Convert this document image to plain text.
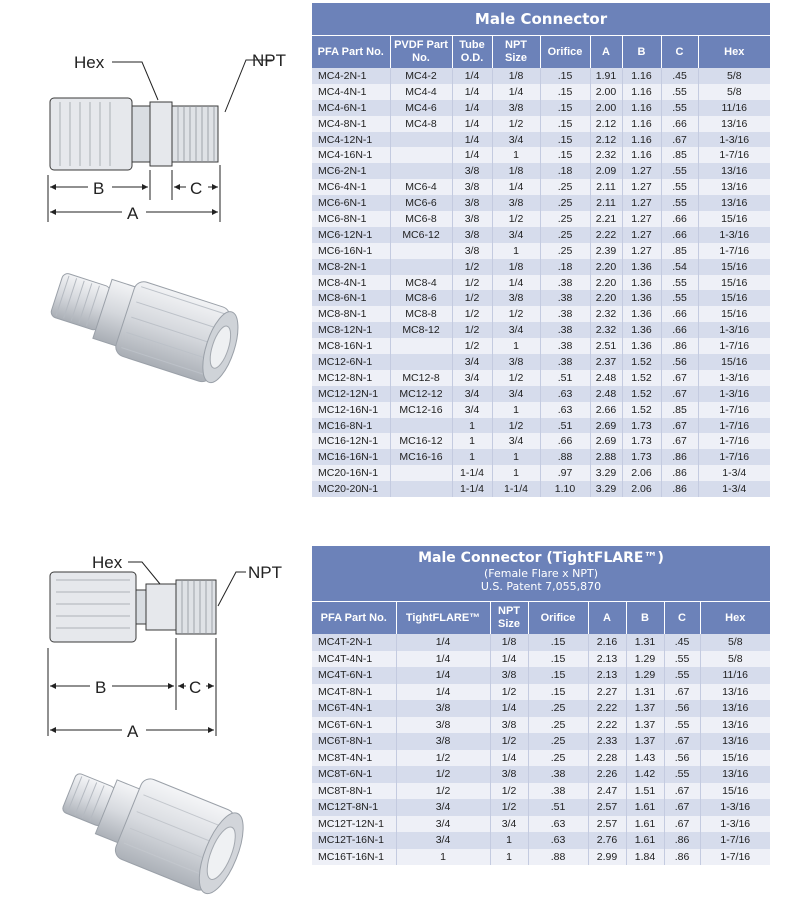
Hex	NPT
B	C
A
Hex
NPT
B	C
A
Male Connector
PFA Part No.	PVDF Part No.	Tube O.D.	NPT Size	Orifice	A	B	C	Hex
MC4-2N-1	MC4-2	1/4	1/8	.15	1.91	1.16	.45	5/8
MC4-4N-1	MC4-4	1/4	1/4	.15	2.00	1.16	.55	5/8
MC4-6N-1	MC4-6	1/4	3/8	.15	2.00	1.16	.55	11/16
MC4-8N-1	MC4-8	1/4	1/2	.15	2.12	1.16	.66	13/16
MC4-12N-1		1/4	3/4	.15	2.12	1.16	.67	1-3/16
MC4-16N-1		1/4	1	.15	2.32	1.16	.85	1-7/16
MC6-2N-1		3/8	1/8	.18	2.09	1.27	.55	13/16
MC6-4N-1	MC6-4	3/8	1/4	.25	2.11	1.27	.55	13/16
MC6-6N-1	MC6-6	3/8	3/8	.25	2.11	1.27	.55	13/16
MC6-8N-1	MC6-8	3/8	1/2	.25	2.21	1.27	.66	15/16
MC6-12N-1	MC6-12	3/8	3/4	.25	2.22	1.27	.66	1-3/16
MC6-16N-1		3/8	1	.25	2.39	1.27	.85	1-7/16
MC8-2N-1		1/2	1/8	.18	2.20	1.36	.54	15/16
MC8-4N-1	MC8-4	1/2	1/4	.38	2.20	1.36	.55	15/16
MC8-6N-1	MC8-6	1/2	3/8	.38	2.20	1.36	.55	15/16
MC8-8N-1	MC8-8	1/2	1/2	.38	2.32	1.36	.66	15/16
MC8-12N-1	MC8-12	1/2	3/4	.38	2.32	1.36	.66	1-3/16
MC8-16N-1		1/2	1	.38	2.51	1.36	.86	1-7/16
MC12-6N-1		3/4	3/8	.38	2.37	1.52	.56	15/16
MC12-8N-1	MC12-8	3/4	1/2	.51	2.48	1.52	.67	1-3/16
MC12-12N-1	MC12-12	3/4	3/4	.63	2.48	1.52	.67	1-3/16
MC12-16N-1	MC12-16	3/4	1	.63	2.66	1.52	.85	1-7/16
MC16-8N-1		1	1/2	.51	2.69	1.73	.67	1-7/16
MC16-12N-1	MC16-12	1	3/4	.66	2.69	1.73	.67	1-7/16
MC16-16N-1	MC16-16	1	1	.88	2.88	1.73	.86	1-7/16
MC20-16N-1		1-1/4	1	.97	3.29	2.06	.86	1-3/4
MC20-20N-1		1-1/4	1-1/4	1.10	3.29	2.06	.86	1-3/4
Male Connector (TightFLARE™)
(Female Flare x NPT)
U.S. Patent 7,055,870
PFA Part No.	TightFLARE™	NPT Size	Orifice	A	B	C	Hex
MC4T-2N-1	1/4	1/8	.15	2.16	1.31	.45	5/8
MC4T-4N-1	1/4	1/4	.15	2.13	1.29	.55	5/8
MC4T-6N-1	1/4	3/8	.15	2.13	1.29	.55	11/16
MC4T-8N-1	1/4	1/2	.15	2.27	1.31	.67	13/16
MC6T-4N-1	3/8	1/4	.25	2.22	1.37	.56	13/16
MC6T-6N-1	3/8	3/8	.25	2.22	1.37	.55	13/16
MC6T-8N-1	3/8	1/2	.25	2.33	1.37	.67	13/16
MC8T-4N-1	1/2	1/4	.25	2.28	1.43	.56	15/16
MC8T-6N-1	1/2	3/8	.38	2.26	1.42	.55	13/16
MC8T-8N-1	1/2	1/2	.38	2.47	1.51	.67	15/16
MC12T-8N-1	3/4	1/2	.51	2.57	1.61	.67	1-3/16
MC12T-12N-1	3/4	3/4	.63	2.57	1.61	.67	1-3/16
MC12T-16N-1	3/4	1	.63	2.76	1.61	.86	1-7/16
MC16T-16N-1	1	1	.88	2.99	1.84	.86	1-7/16
